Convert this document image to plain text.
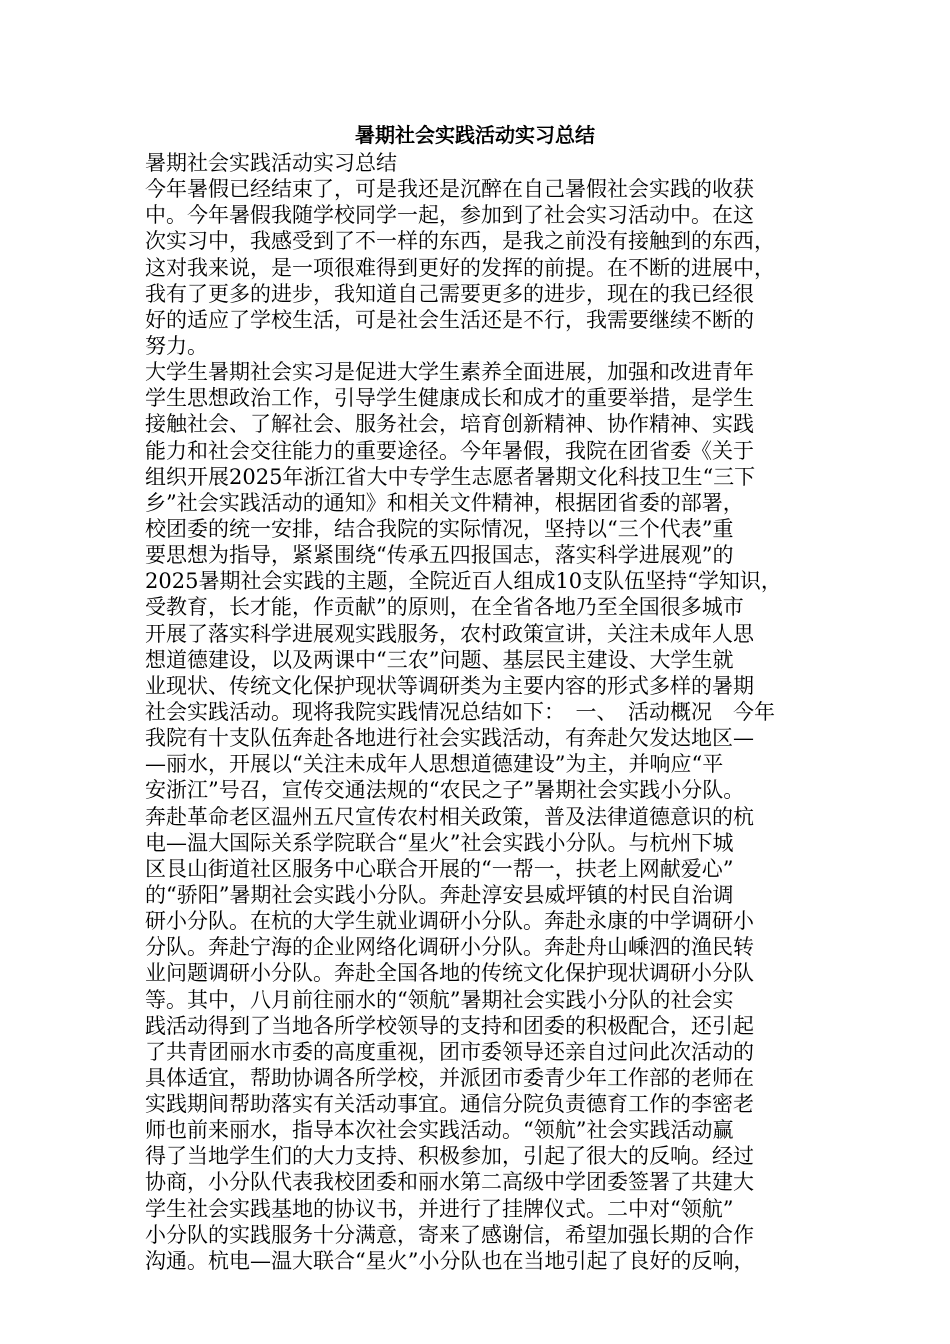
暑期社会实践活动实习总结
暑期社会实践活动实习总结
今年暑假已经结束了，可是我还是沉醉在自己暑假社会实践的收获
中。今年暑假我随学校同学一起，参加到了社会实习活动中。在这
次实习中，我感受到了不一样的东西，是我之前没有接触到的东西，
这对我来说，是一项很难得到更好的发挥的前提。在不断的进展中，
我有了更多的进步，我知道自己需要更多的进步，现在的我已经很
好的适应了学校生活，可是社会生活还是不行，我需要继续不断的
努力。
大学生暑期社会实习是促进大学生素养全面进展，加强和改进青年
学生思想政治工作，引导学生健康成长和成才的重要举措，是学生
接触社会、了解社会、服务社会，培育创新精神、协作精神、实践
能力和社会交往能力的重要途径。今年暑假，我院在团省委《关于
组织开展2025年浙江省大中专学生志愿者暑期文化科技卫生“三下
乡”社会实践活动的通知》和相关文件精神，根据团省委的部署，
校团委的统一安排，结合我院的实际情况，坚持以“三个代表”重
要思想为指导，紧紧围绕“传承五四报国志，落实科学进展观”的
2025暑期社会实践的主题，全院近百人组成10支队伍坚持“学知识，
受教育，长才能，作贡献”的原则，在全省各地乃至全国很多城市
开展了落实科学进展观实践服务，农村政策宣讲，关注未成年人思
想道德建设，以及两课中“三农”问题、基层民主建设、大学生就
业现状、传统文化保护现状等调研类为主要内容的形式多样的暑期
社会实践活动。现将我院实践情况总结如下：　一、　活动概况　今年
我院有十支队伍奔赴各地进行社会实践活动，有奔赴欠发达地区—
—丽水，开展以“关注未成年人思想道德建设”为主，并响应“平
安浙江”号召，宣传交通法规的“农民之子”暑期社会实践小分队。
奔赴革命老区温州五尺宣传农村相关政策，普及法律道德意识的杭
电—温大国际关系学院联合“星火”社会实践小分队。与杭州下城
区艮山街道社区服务中心联合开展的“一帮一，扶老上网献爱心”
的“骄阳”暑期社会实践小分队。奔赴淳安县威坪镇的村民自治调
研小分队。在杭的大学生就业调研小分队。奔赴永康的中学调研小
分队。奔赴宁海的企业网络化调研小分队。奔赴舟山嵊泗的渔民转
业问题调研小分队。奔赴全国各地的传统文化保护现状调研小分队
等。其中，八月前往丽水的“领航”暑期社会实践小分队的社会实
践活动得到了当地各所学校领导的支持和团委的积极配合，还引起
了共青团丽水市委的高度重视，团市委领导还亲自过问此次活动的
具体适宜，帮助协调各所学校，并派团市委青少年工作部的老师在
实践期间帮助落实有关活动事宜。通信分院负责德育工作的李密老
师也前来丽水，指导本次社会实践活动。“领航”社会实践活动赢
得了当地学生们的大力支持、积极参加，引起了很大的反响。经过
协商，小分队代表我校团委和丽水第二高级中学团委签署了共建大
学生社会实践基地的协议书，并进行了挂牌仪式。二中对“领航”
小分队的实践服务十分满意，寄来了感谢信，希望加强长期的合作
沟通。杭电—温大联合“星火”小分队也在当地引起了良好的反响，
